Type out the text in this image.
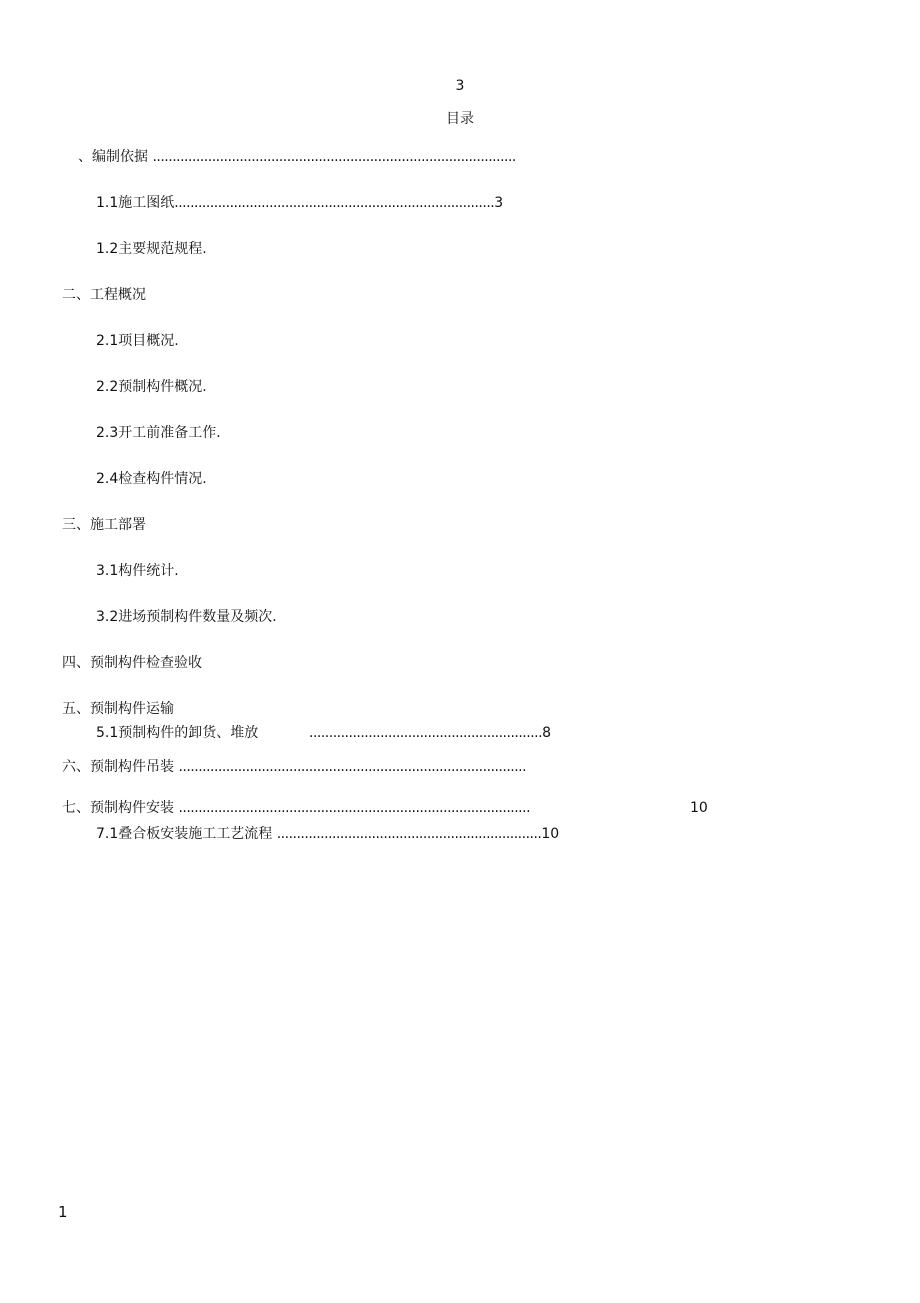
3
目录
、编制依据 ............................................................................................
1.1施工图纸.................................................................................3
1.2主要规范规程.
二、工程概况
2.1项目概况.
2.2预制构件概况.
2.3开工前准备工作.
2.4检查构件情况.
三、施工部署
3.1构件统计.
3.2进场预制构件数量及频次.
四、预制构件检查验收
五、预制构件运输
5.1预制构件的卸货、堆放	...........................................................8
六、预制构件吊装 ........................................................................................
七、预制构件安装 .........................................................................................	10
7.1叠合板安装施工工艺流程 ...................................................................10
1
